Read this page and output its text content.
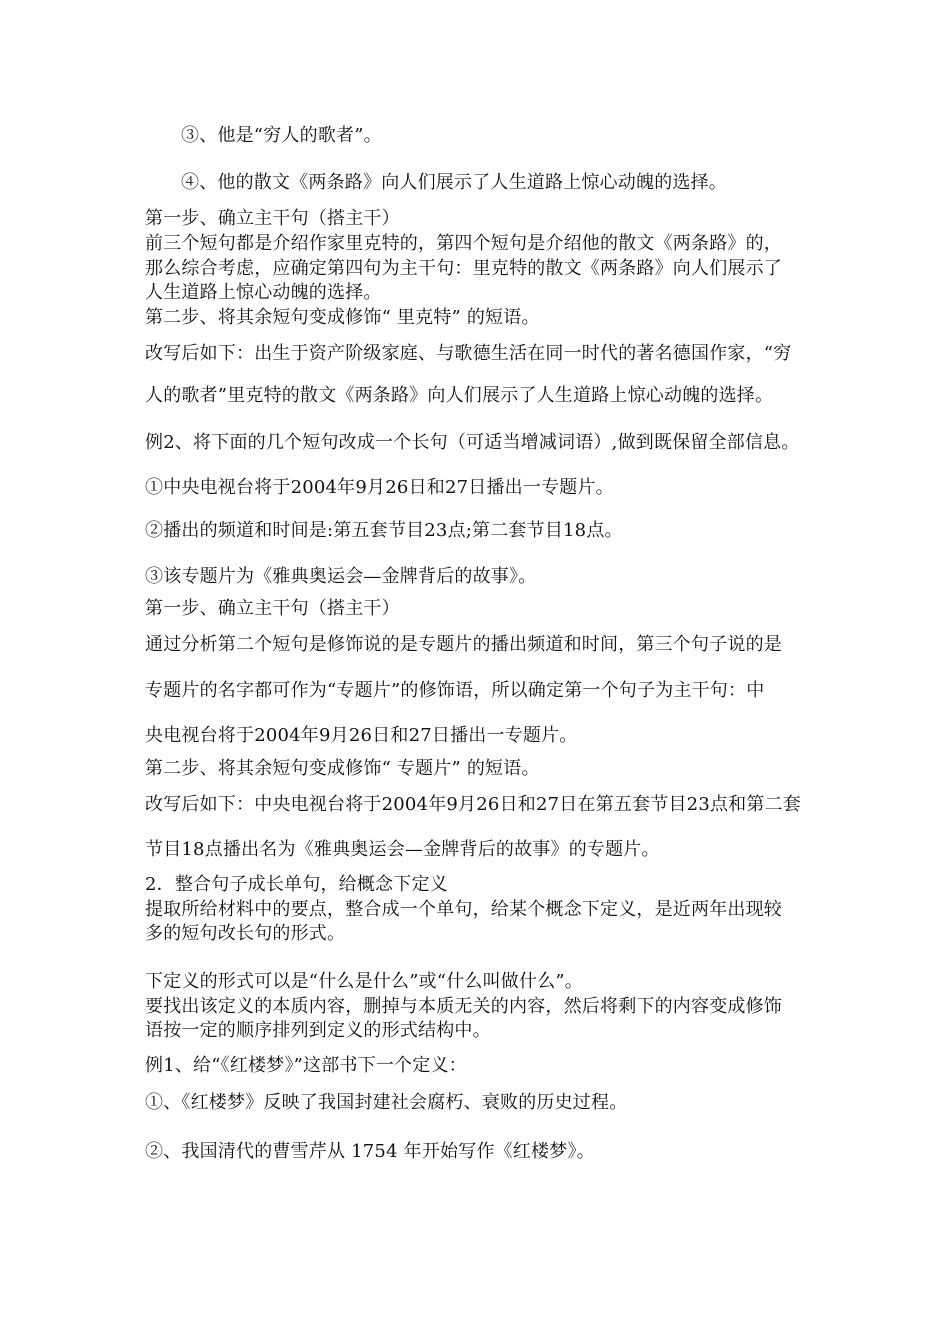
③、他是“穷人的歌者”。
④、他的散文《两条路》向人们展示了人生道路上惊心动魄的选择。
第一步、确立主干句（搭主干）
前三个短句都是介绍作家里克特的，第四个短句是介绍他的散文《两条路》的，
那么综合考虑，应确定第四句为主干句：里克特的散文《两条路》向人们展示了
人生道路上惊心动魄的选择。
第二步、将其余短句变成修饰“ 里克特” 的短语。
改写后如下：出生于资产阶级家庭、与歌德生活在同一时代的著名德国作家，“穷
人的歌者”里克特的散文《两条路》向人们展示了人生道路上惊心动魄的选择。
例2、将下面的几个短句改成一个长句（可适当增减词语）,做到既保留全部信息。
①中央电视台将于2004年9月26日和27日播出一专题片。
②播出的频道和时间是:第五套节目23点;第二套节目18点。
③该专题片为《雅典奥运会—金牌背后的故事》。
第一步、确立主干句（搭主干）
通过分析第二个短句是修饰说的是专题片的播出频道和时间，第三个句子说的是
专题片的名字都可作为“专题片”的修饰语，所以确定第一个句子为主干句：中
央电视台将于2004年9月26日和27日播出一专题片。
第二步、将其余短句变成修饰“ 专题片” 的短语。
改写后如下：中央电视台将于2004年9月26日和27日在第五套节目23点和第二套
节目18点播出名为《雅典奥运会—金牌背后的故事》的专题片。
2．整合句子成长单句，给概念下定义
提取所给材料中的要点，整合成一个单句，给某个概念下定义，是近两年出现较
多的短句改长句的形式。
下定义的形式可以是“什么是什么”或“什么叫做什么”。
要找出该定义的本质内容，删掉与本质无关的内容，然后将剩下的内容变成修饰
语按一定的顺序排列到定义的形式结构中。
例1、给“《红楼梦》”这部书下一个定义：
①、《红楼梦》反映了我国封建社会腐朽、衰败的历史过程。
②、我国清代的曹雪芹从 1754 年开始写作《红楼梦》。
